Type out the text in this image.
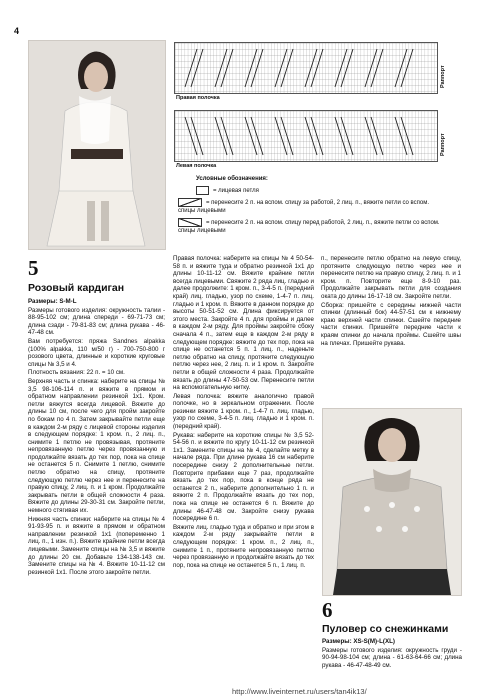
4
5
Розовый кардиган

Размеры: S-M-L

Размеры готового изделия: окружность талии - 88-95-102 см; длина спереди - 69-71-73 см; длина сзади - 79-81-83 см; длина рукава - 46-47-48 см.

Вам потребуется: пряжа Sandnes alpakka (100% alpakka, 110 м/50 г) - 700-750-800 г розового цвета, длинные и короткие круговые спицы № 3,5 и 4.

Плотность вязания: 22 п. = 10 см.

Верхняя часть и спинка: наберите на спицы № 3,5 98-106-114 п. и вяжите в прямом и обратном направлении резинкой 1х1. Кром. петли вяжутся всегда лицевой. Вяжите до длины 10 см, после чего для пройм закройте по бокам по 4 п. Затем закрывайте петли еще в каждом 2-м ряду с лицевой стороны изделия в следующем порядке: 1 кром. п., 2 лиц. п., снимите 1 петлю не провязывая, протяните непровязанную петлю через провязанную и продолжайте вязать до тех пор, пока на спице не останется 5 п. Снимите 1 петлю, снимите петлю обратно на спицу, протяните следующую петлю через нее и перенесите на правую спицу, 2 лиц. п. и 1 кром. Продолжайте закрывать петли в общей сложности 4 раза. Вяжите до длины 29-30-31 см. Закройте петли, немного стягивая их.

Нижняя часть спинки: наберите на спицы № 4 91-93-95 п. и вяжите в прямом и обратном направлении резинкой 1х1 (попеременно 1 лиц. п., 1 изн. п.). Вяжите крайние петли всегда лицевыми. Замените спицы на № 3,5 и вяжите до длины 20 см. Добавьте 134-138-143 см. Замените спицы на № 4. Вяжите 10-11-12 см резинкой 1х1. После этого закройте петли.

Раппорт
Правая полочка
Раппорт
Левая полочка
Условные обозначения:
= лицевая петля
= перенесите 2 п. на вспом. спицу за работой, 2 лиц. п., вяжите петли со вспом. спицы лицевыми
= перенесите 2 п. на вспом. спицу перед работой, 2 лиц. п., вяжите петли со вспом. спицы лицевыми

Правая полочка: наберите на спицы № 4 50-54-58 п. и вяжите туда и обратно резинкой 1х1 до длины 10-11-12 см. Вяжите крайние петли всегда лицевыми. Свяжите 2 ряда лиц. гладью и далее продолжите: 1 кром. п., 3-4-5 п. (передний край) лиц. гладью, узор по схеме, 1-4-7 п. лиц. гладью и 1 кром. п. Вяжите в данном порядке до высоты 50-51-52 см. Длина фиксируется от этого места. Закройте 4 п. для проймы и далее в каждом 2-м ряду. Для проймы закройте сбоку сначала 4 п., затем еще в каждом 2-м ряду в следующем порядке: вяжите до тех пор, пока на спице не останется 5 п. 1 лиц. п., наденьте петлю обратно на спицу, протяните следующую петлю через нее, 2 лиц. п. и 1 кром. п. Закройте петли в общей сложности 4 раза. Продолжайте вязать до длины 47-50-53 см. Перенесите петли на вспомогательную нитку.

Левая полочка: вяжите аналогично правой полочке, но в зеркальном отражении. После резинки вяжите 1 кром. п., 1-4-7 п. лиц. гладью, узор по схеме, 3-4-5 п. лиц. гладью и 1 кром. п. (передний край).

Рукава: наберите на короткие спицы № 3,5 52-54-56 п. и вяжите по кругу 10-11-12 см резинкой 1х1. Замените спицы на № 4, сделайте метку в начале ряда. При длине рукава 16 см наберите посередине снизу 2 дополнительные петли. Повторите прибавки еще 7 раз, продолжайте вязать до тех пор, пока в конце ряда не останется 2 п., наберите дополнительно 1 п. и вяжите 2 п. Продолжайте вязать до тех пор, пока на спице не останется 6 п. Вяжите до длины 46-47-48 см. Закройте снизу рукава посередине 6 п.

Вяжите лиц. гладью туда и обратно и при этом в каждом 2-м ряду закрывайте петли в следующем порядке: 1 кром. п., 2 лиц. п., снимите 1 п., протяните непровязанную петлю через провязанную и продолжайте вязать до тех пор, пока на спице не останется 5 п., 1 лиц. п.

п., перенесите петлю обратно на левую спицу, протяните следующую петлю через нее и перенесите петлю на правую спицу, 2 лиц. п. и 1 кром. п. Повторите еще 8-9-10 раз. Продолжайте закрывать петли для создания оката до длины 16-17-18 см. Закройте петли.

Сборка: пришейте с середины нижней части спинки (длинный бок) 44-57-51 см к нижнему краю верхней части спинки. Сшейте передние части спинки. Пришейте передние части к краям спинки до начала проймы. Сшейте швы на плечах. Пришейте рукава.

6
Пуловер со снежинками

Размеры: XS-S(M)-L(XL)

Размеры готового изделия: окружность груди - 90-94-98-104 см; длина - 61-63-64-66 см; длина рукава - 46-47-48-49 см.

http://www.liveinternet.ru/users/tan4ik13/
